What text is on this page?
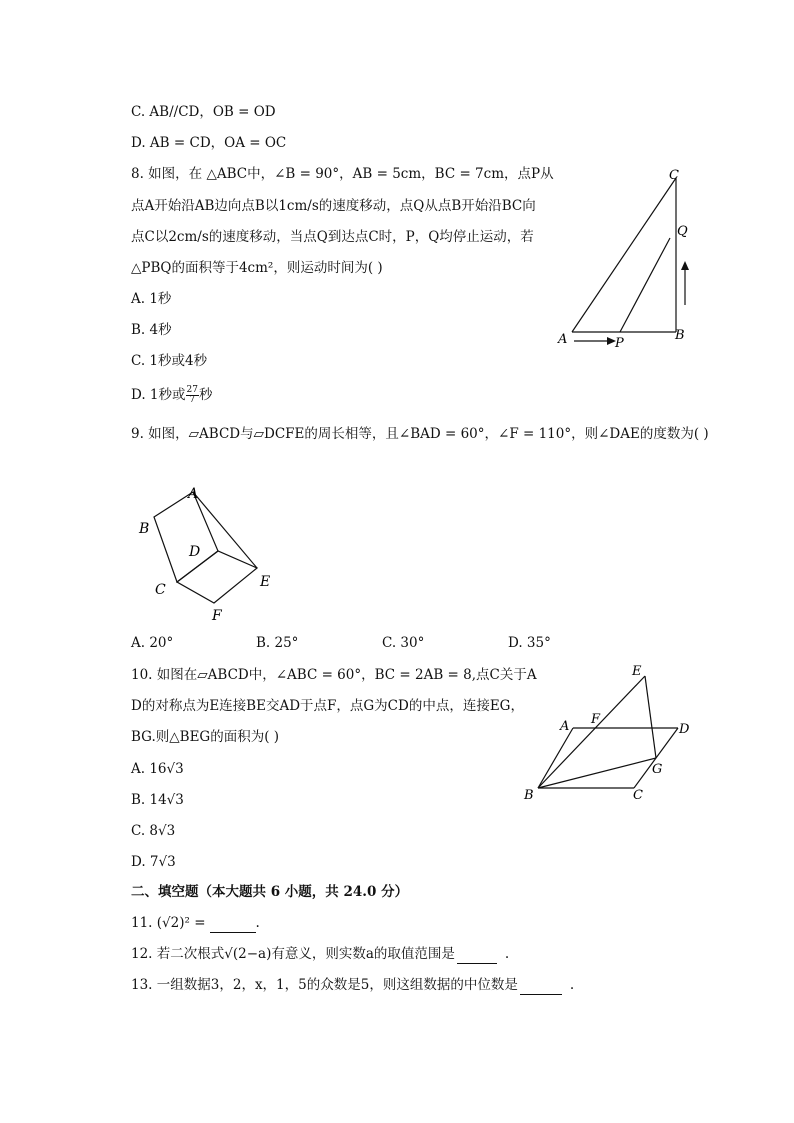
C. AB//CD，OB = OD
D. AB = CD，OA = OC
8. 如图，在 △ABC中，∠B = 90°，AB = 5cm，BC = 7cm，点P从
点A开始沿AB边向点B以1cm/s的速度移动，点Q从点B开始沿BC向
点C以2cm/s的速度移动，当点Q到达点C时，P，Q均停止运动，若
△PBQ的面积等于4cm²，则运动时间为( )
A. 1秒
B. 4秒
C. 1秒或4秒
D. 1秒或 $\frac{27}{7}$ 秒
C
Q
B
A	P
9. 如图，▱ABCD与▱DCFE的周长相等，且∠BAD = 60°，∠F = 110°，则∠DAE的度数为( )
A
B
D
C	E
F
A. 20°	B. 25°	C. 30°	D. 35°
10. 如图在▱ABCD中，∠ABC = 60°，BC = 2AB = 8,点C关于A
D的对称点为E连接BE交AD于点F，点G为CD的中点，连接EG，
BG.则△BEG的面积为( )
A. 16√3
B. 14√3
C. 8√3
D. 7√3
E
F
A	D
G
B	C
二、填空题（本大题共 6 小题，共 24.0 分）
11. (√2)² =	.
12. 若二次根式√(2−a)有意义，则实数a的取值范围是	.
13. 一组数据3，2，x，1，5的众数是5，则这组数据的中位数是	.
